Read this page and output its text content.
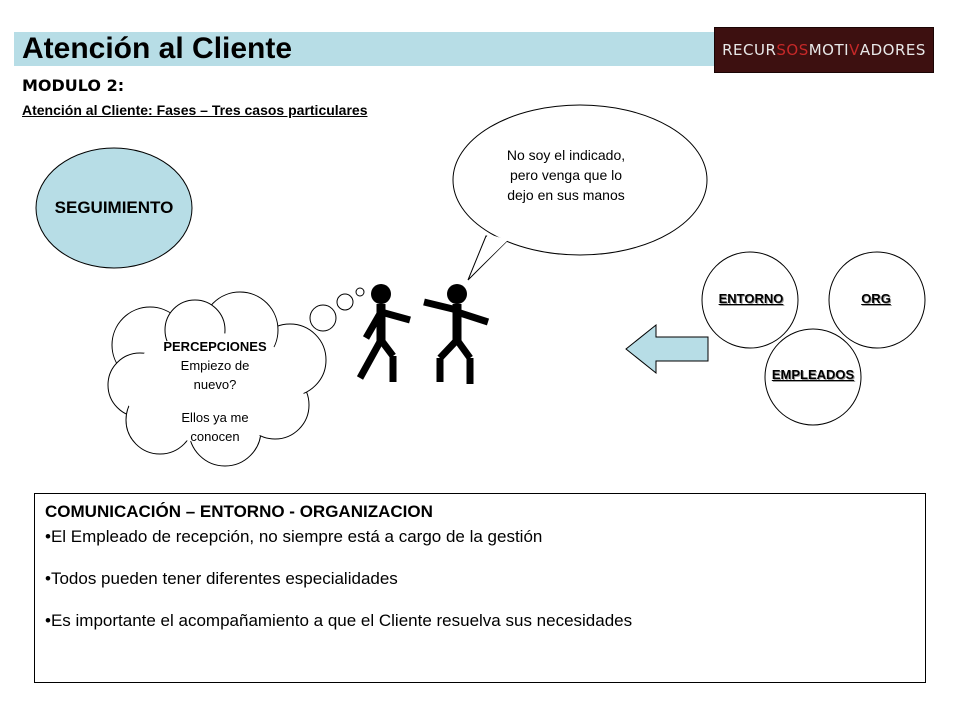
Atención al Cliente	RECUR SOS MOTI V ADORES
MODULO 2:
Atención al Cliente: Fases – Tres casos particulares
SEGUIMIENTO
No soy el indicado,
pero venga que lo
dejo en sus manos
PERCEPCIONES
Empiezo de
nuevo?
Ellos ya me
conocen
ENTORNO	ORG
EMPLEADOS

COMUNICACIÓN – ENTORNO - ORGANIZACION

•El Empleado de recepción, no siempre está a cargo de la gestión

•Todos pueden tener diferentes especialidades

•Es importante el acompañamiento a que el Cliente resuelva sus necesidades
